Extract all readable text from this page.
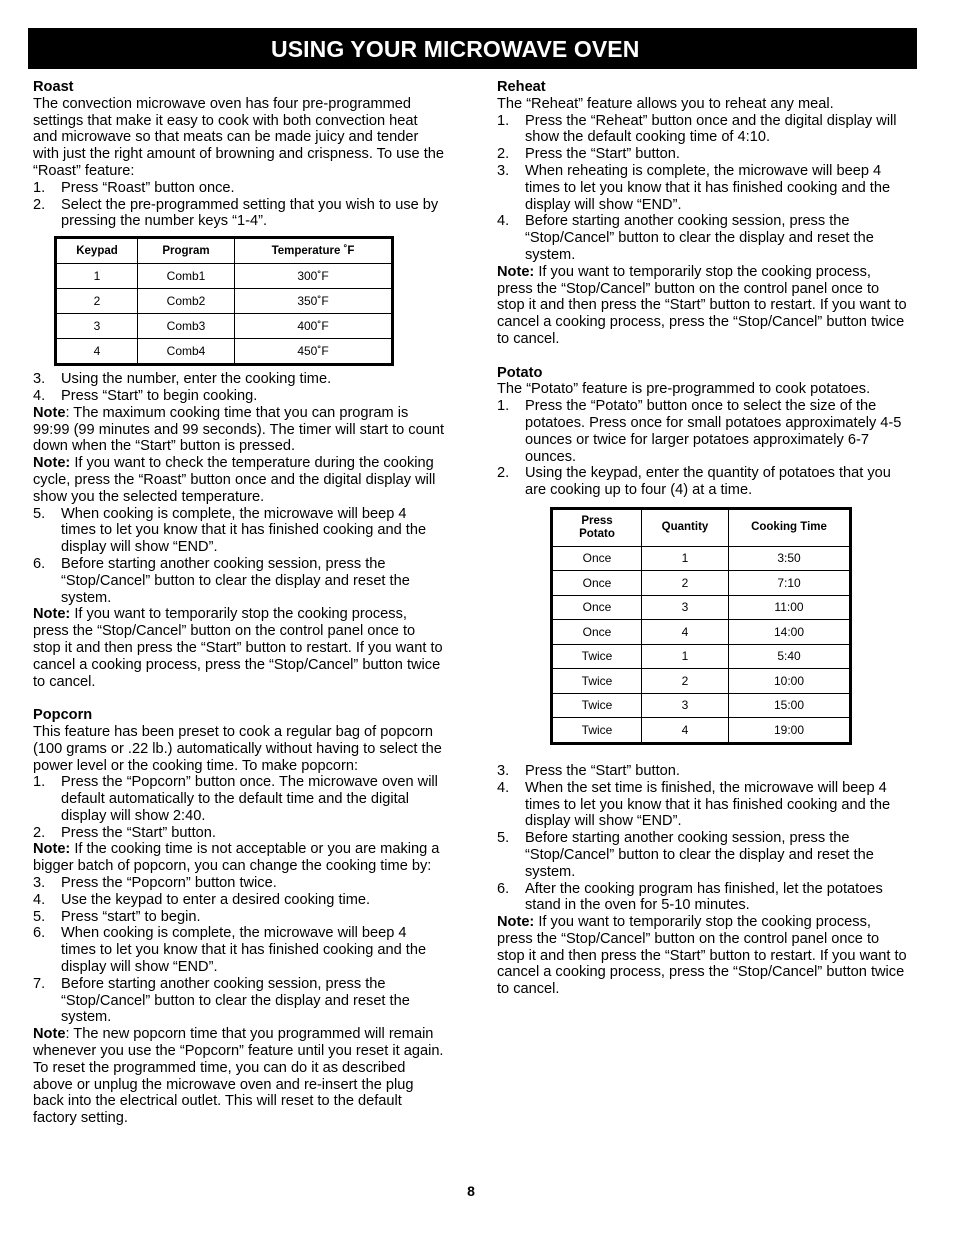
USING YOUR MICROWAVE OVEN

Roast

The convection microwave oven has four pre-programmed settings that make it easy to cook with both convection heat and microwave so that meats can be made juicy and tender with just the right amount of browning and crispness. To use the “Roast” feature:

1.	Press “Roast” button once.
2.	Select the pre-programmed setting that you wish to use by pressing the number keys “1-4”.
Keypad	Program	Temperature ˚F
1	Comb1	300˚F
2	Comb2	350˚F
3	Comb3	400˚F
4	Comb4	450˚F
3.	Using the number, enter the cooking time.
4.	Press “Start” to begin cooking.

Note: The maximum cooking time that you can program is 99:99 (99 minutes and 99 seconds). The timer will start to count down when the “Start” button is pressed.

Note: If you want to check the temperature during the cooking cycle, press the “Roast” button once and the digital display will show you the selected temperature.

5.	When cooking is complete, the microwave will beep 4 times to let you know that it has finished cooking and the display will show “END”.
6.	Before starting another cooking session, press the “Stop/Cancel” button to clear the display and reset the system.

Note: If you want to temporarily stop the cooking process, press the “Stop/Cancel” button on the control panel once to stop it and then press the “Start” button to restart. If you want to cancel a cooking process, press the “Stop/Cancel” button twice to cancel.

Popcorn

This feature has been preset to cook a regular bag of popcorn (100 grams or .22 lb.) automatically without having to select the power level or the cooking time. To make popcorn:

1.	Press the “Popcorn” button once. The microwave oven will default automatically to the default time and the digital display will show 2:40.
2.	Press the “Start” button.

Note: If the cooking time is not acceptable or you are making a bigger batch of popcorn, you can change the cooking time by:

3.	Press the “Popcorn” button twice.
4.	Use the keypad to enter a desired cooking time.
5.	Press “start” to begin.
6.	When cooking is complete, the microwave will beep 4 times to let you know that it has finished cooking and the display will show “END”.
7.	Before starting another cooking session, press the “Stop/Cancel” button to clear the display and reset the system.

Note: The new popcorn time that you programmed will remain whenever you use the “Popcorn” feature until you reset it again. To reset the programmed time, you can do it as described above or unplug the microwave oven and re-insert the plug back into the electrical outlet. This will reset to the default factory setting.

Reheat

The “Reheat” feature allows you to reheat any meal.

1.	Press the “Reheat” button once and the digital display will show the default cooking time of 4:10.
2.	Press the “Start” button.
3.	When reheating is complete, the microwave will beep 4 times to let you know that it has finished cooking and the display will show “END”.
4.	Before starting another cooking session, press the “Stop/Cancel” button to clear the display and reset the system.

Note: If you want to temporarily stop the cooking process, press the “Stop/Cancel” button on the control panel once to stop it and then press the “Start” button to restart. If you want to cancel a cooking process, press the “Stop/Cancel” button twice to cancel.

Potato

The “Potato” feature is pre-programmed to cook potatoes.

1.	Press the “Potato” button once to select the size of the potatoes. Press once for small potatoes approximately 4-5 ounces or twice for larger potatoes approximately 6-7 ounces.
2.	Using the keypad, enter the quantity of potatoes that you are cooking up to four (4) at a time.
Press Potato	Quantity	Cooking Time
Once	1	3:50
Once	2	7:10
Once	3	11:00
Once	4	14:00
Twice	1	5:40
Twice	2	10:00
Twice	3	15:00
Twice	4	19:00
3.	Press the “Start” button.
4.	When the set time is finished, the microwave will beep 4 times to let you know that it has finished cooking and the display will show “END”.
5.	Before starting another cooking session, press the “Stop/Cancel” button to clear the display and reset the system.
6.	After the cooking program has finished, let the potatoes stand in the oven for 5-10 minutes.

Note: If you want to temporarily stop the cooking process, press the “Stop/Cancel” button on the control panel once to stop it and then press the “Start” button to restart. If you want to cancel a cooking process, press the “Stop/Cancel” button twice to cancel.

8
